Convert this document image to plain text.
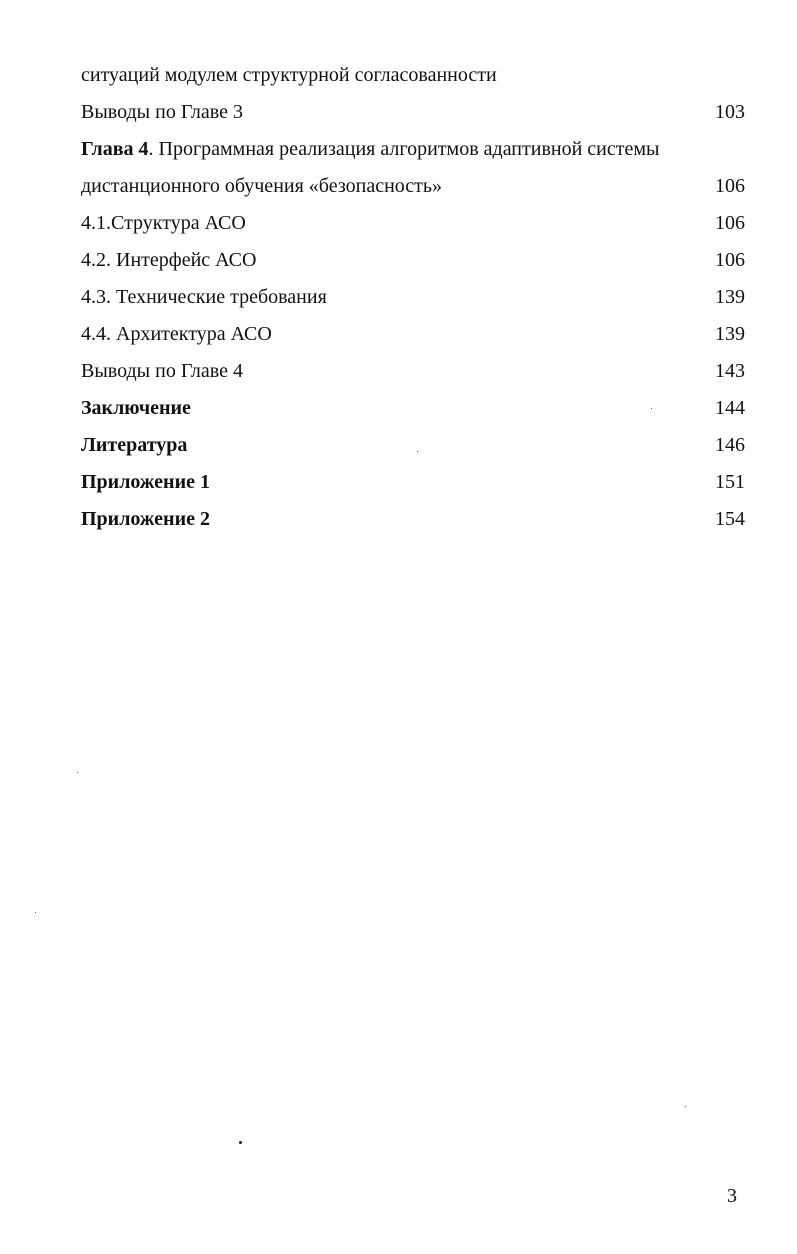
ситуаций модулем структурной согласованности
Выводы по Главе 3	103
Глава 4. Программная реализация алгоритмов адаптивной системы
дистанционного обучения «безопасность»	106
4.1.Структура АСО	106
4.2. Интерфейс АСО	106
4.3. Технические требования	139
4.4. Архитектура АСО	139
Выводы по Главе 4	143
Заключение	144
Литература	146
Приложение 1	151
Приложение 2	154
3
